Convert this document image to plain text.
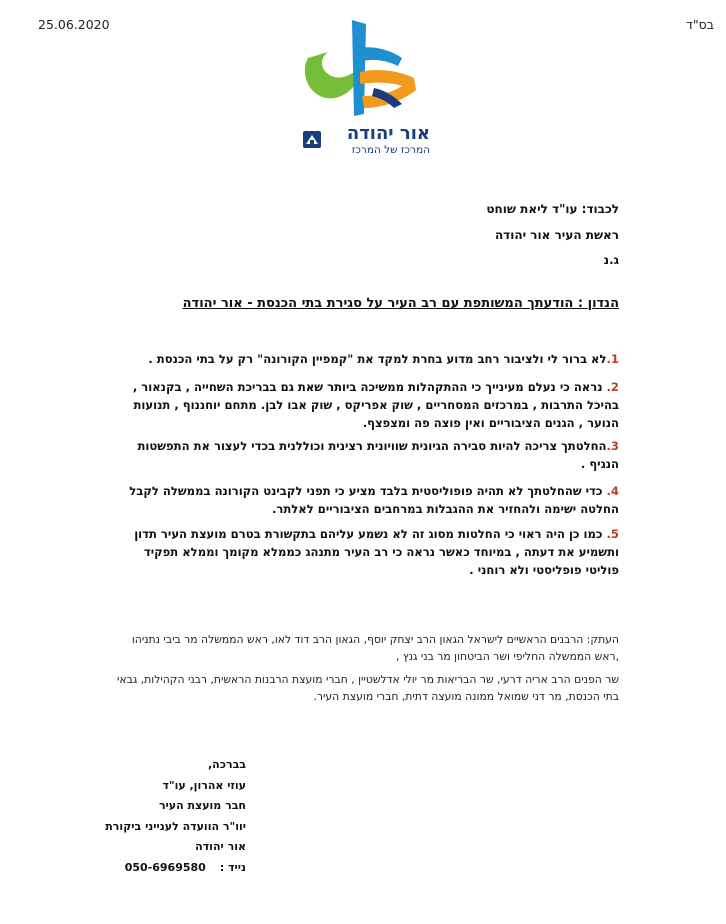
25.06.2020	בס"ד
אור יהודה
המרכז של המרכז
לכבוד: עו"ד ליאת שוחט
ראשת העיר אור יהודה
ג.נ
הנדון : הודעתך המשותפת עם רב העיר על סגירת בתי הכנסת - אור יהודה
1.לא ברור לי ולציבור רחב מדוע בחרת למקד את "קמפיין הקורונה" רק על בתי הכנסת .
2. נראה כי נעלם מעינייך כי ההתקהלות ממשיכה ביותר שאת גם בבריכת השחייה , בקנאור , בהיכל התרבות , במרכזים המסחריים , שוק אפריקס , שוק אבו לבן. מתחם יוחננוף , תנועות הנוער , הגנים הציבוריים ואין פוצה פה ומצפצף.
3.החלטתך צריכה להיות סבירה הגיונית שוויונית רצינית וכוללנית בכדי לעצור את התפשטות הנגיף .
4. כדי שהחלטתך לא תהיה פופוליסטית בלבד מציע כי תפני לקבינט הקורונה בממשלה לקבל החלטה ישימה ולהחזיר את ההגבלות במרחבים הציבוריים לאלתר.
5. כמו כן היה ראוי כי החלטות מסוג זה לא נשמע עליהם בתקשורת בטרם מועצת העיר תדון ותשמיע את דעתה , במיוחד כאשר נראה כי רב העיר מתנהג כממלא מקומך וממלא תפקיד פוליטי פופליסטי ולא רוחני .
העתק: הרבנים הראשיים לישראל הגאון הרב יצחק יוסף, הגאון הרב דוד לאו, ראש הממשלה מר ביבי נתניהו ,ראש הממשלה החליפי ושר הביטחון מר בני גנץ ,
שר הפנים הרב אריה דרעי, שר הבריאות מר יולי אדלשטיין , חברי מועצת הרבנות הראשית, רבני הקהילות, גבאי בתי הכנסת, מר דני שמואל ממונה מועצה דתית, חברי מועצת העיר.
בברכה,
עוזי אהרון, עו"ד
חבר מועצת העיר
יוו"ר הוועדה לענייני ביקורת
אור יהודה
נייד :050-6969580
